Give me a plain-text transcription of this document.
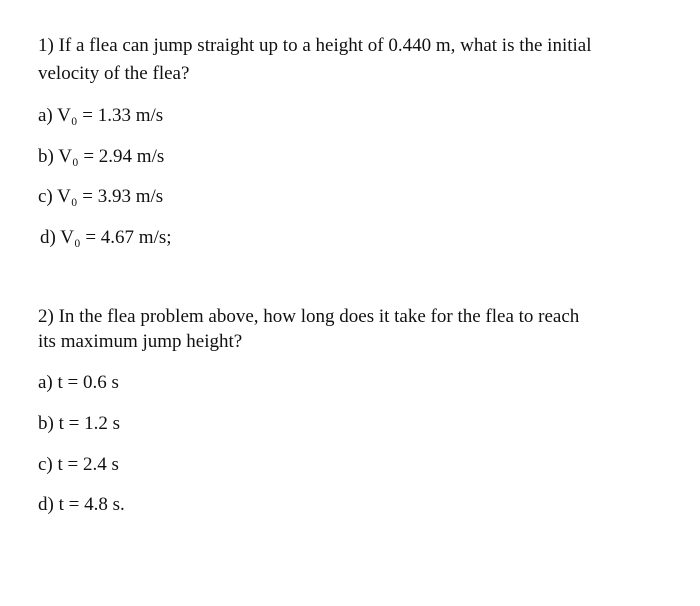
1) If a flea can jump straight up to a height of 0.440 m, what is the initial

velocity of the flea?

a) V₀ = 1.33 m/s

b) V₀ = 2.94 m/s

c) V₀ = 3.93 m/s

d) V₀ = 4.67 m/s;

2) In the flea problem above, how long does it take for the flea to reach

its maximum jump height?

a) t = 0.6 s

b) t = 1.2 s

c) t = 2.4 s

d) t = 4.8 s.
